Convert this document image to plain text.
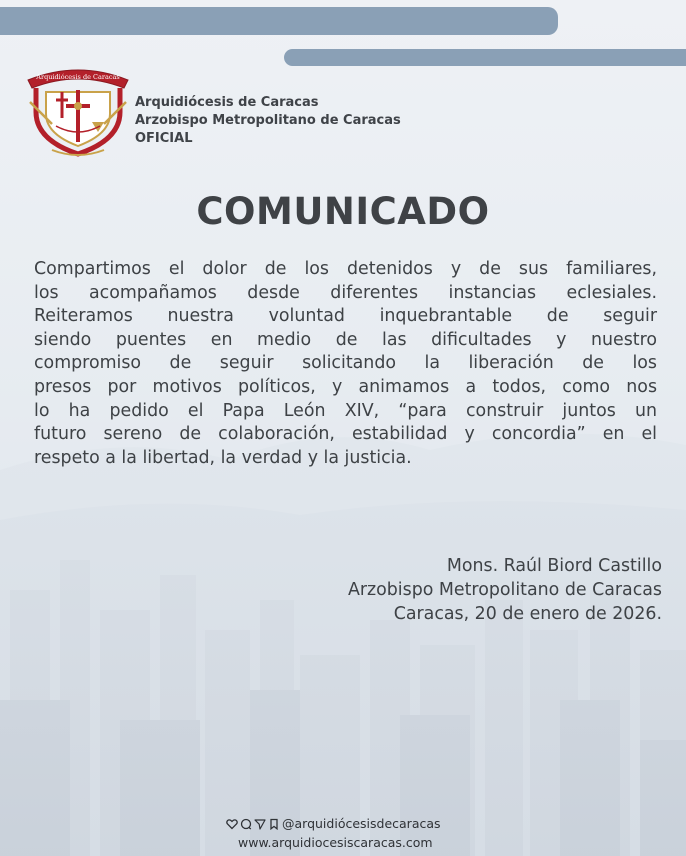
Arquidiócesis de Caracas
Arquidiócesis de Caracas
Arzobispo Metropolitano de Caracas
OFICIAL
COMUNICADO
Compartimos el dolor de los detenidos y de sus familiares,
los acompañamos desde diferentes instancias eclesiales.
Reiteramos nuestra voluntad inquebrantable de seguir
siendo puentes en medio de las dificultades y nuestro
compromiso de seguir solicitando la liberación de los
presos por motivos políticos, y animamos a todos, como nos
lo ha pedido el Papa León XIV, “para construir juntos un
futuro sereno de colaboración, estabilidad y concordia” en el
respeto a la libertad, la verdad y la justicia.
Mons. Raúl Biord Castillo
Arzobispo Metropolitano de Caracas
Caracas, 20 de enero de 2026.
@arquidiócesisdecaracas
www.arquidiocesiscaracas.com
